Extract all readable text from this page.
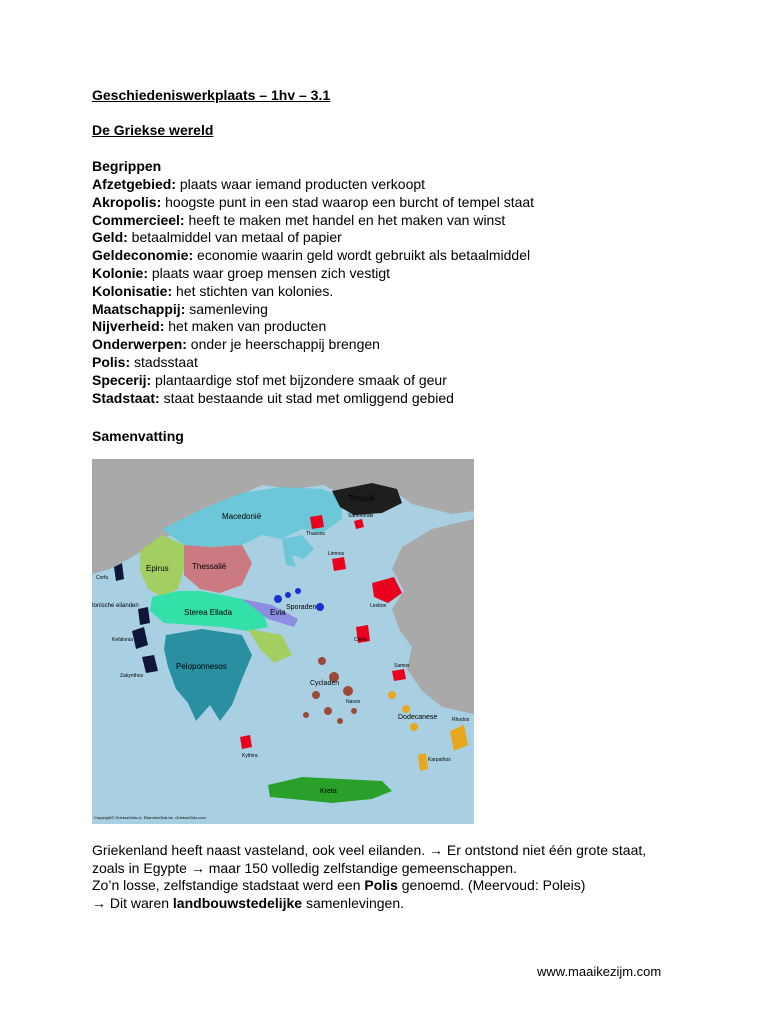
Geschiedeniswerkplaats – 1hv – 3.1
De Griekse wereld
Begrippen
Afzetgebied: plaats waar iemand producten verkoopt
Akropolis: hoogste punt in een stad waarop een burcht of tempel staat
Commercieel: heeft te maken met handel en het maken van winst
Geld: betaalmiddel van metaal of papier
Geldeconomie: economie waarin geld wordt gebruikt als betaalmiddel
Kolonie: plaats waar groep mensen zich vestigt
Kolonisatie: het stichten van kolonies.
Maatschappij: samenleving
Nijverheid: het maken van producten
Onderwerpen: onder je heerschappij brengen
Polis: stadsstaat
Specerij: plantaardige stof met bijzondere smaak of geur
Stadstaat: staat bestaande uit stad met omliggend gebied
Samenvatting
Macedonië
Thracië
Thessalië
Epirus
Ionische eilanden
Sterea Ellada	Evia
Sporaden
Peloponnesos
Cycladen
Dodecanese
Kreta
Corfu
Lesbos
Chios
Samos
Rhodos
Kythira
Limnos
Thassos
Samothraki
Kefalonia
Zakynthos
Naxos
Karpathos
Copyright© GriekseGids.nl, EilandenGids.be, GriekseGids.com
Griekenland heeft naast vasteland, ook veel eilanden. → Er ontstond niet één grote staat,
zoals in Egypte → maar 150 volledig zelfstandige gemeenschappen.
Zo’n losse, zelfstandige stadstaat werd een Polis genoemd. (Meervoud: Poleis)
→ Dit waren landbouwstedelijke samenlevingen.
www.maaikezijm.com
